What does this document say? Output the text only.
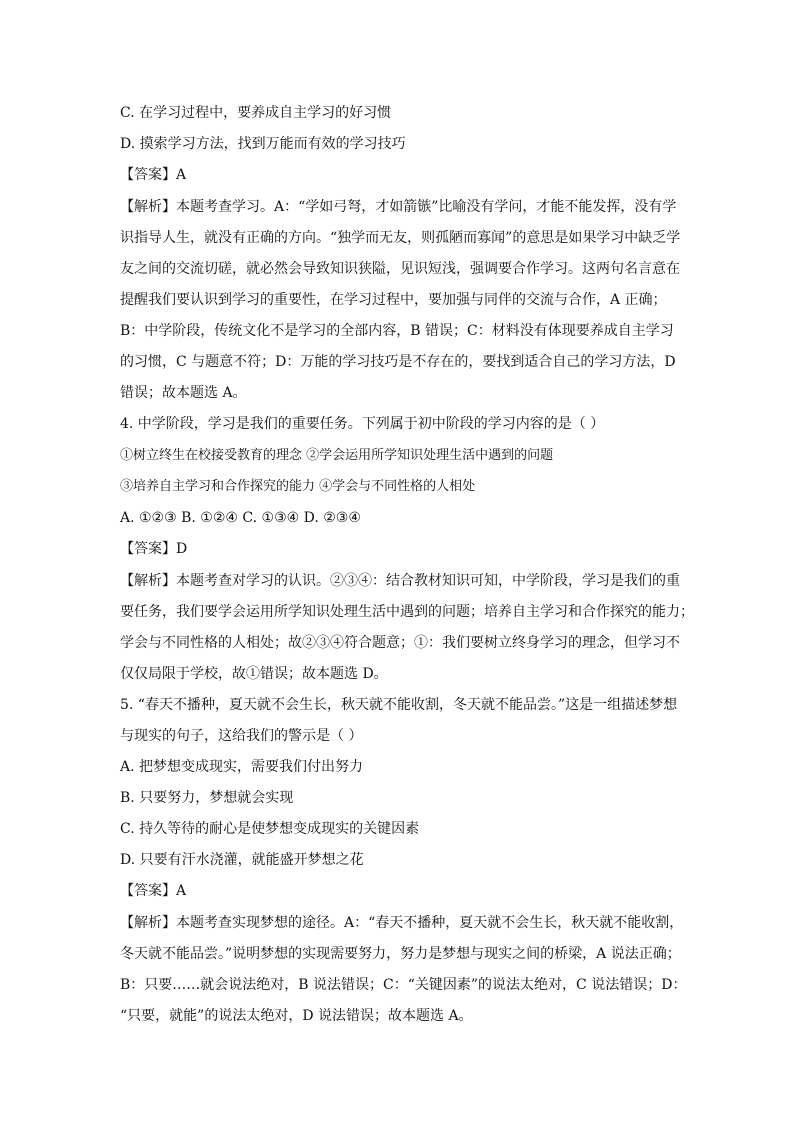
C. 在学习过程中，要养成自主学习的好习惯
D. 摸索学习方法，找到万能而有效的学习技巧
【答案】A
【解析】本题考查学习。A：“学如弓弩，才如箭镞”比喻没有学问，才能不能发挥，没有学
识指导人生，就没有正确的方向。“独学而无友，则孤陋而寡闻”的意思是如果学习中缺乏学
友之间的交流切磋，就必然会导致知识狭隘，见识短浅，强调要合作学习。这两句名言意在
提醒我们要认识到学习的重要性，在学习过程中，要加强与同伴的交流与合作，A 正确；
B：中学阶段，传统文化不是学习的全部内容，B 错误；C：材料没有体现要养成自主学习
的习惯，C 与题意不符；D：万能的学习技巧是不存在的，要找到适合自己的学习方法，D
错误；故本题选 A。
4. 中学阶段，学习是我们的重要任务。下列属于初中阶段的学习内容的是（ ）
①树立终生在校接受教育的理念 ②学会运用所学知识处理生活中遇到的问题
③培养自主学习和合作探究的能力 ④学会与不同性格的人相处
A. ①②③ B. ①②④ C. ①③④ D. ②③④
【答案】D
【解析】本题考查对学习的认识。②③④：结合教材知识可知，中学阶段，学习是我们的重
要任务，我们要学会运用所学知识处理生活中遇到的问题；培养自主学习和合作探究的能力；
学会与不同性格的人相处；故②③④符合题意；①：我们要树立终身学习的理念，但学习不
仅仅局限于学校，故①错误；故本题选 D。
5. “春天不播种，夏天就不会生长，秋天就不能收割，冬天就不能品尝。”这是一组描述梦想
与现实的句子，这给我们的警示是（ ）
A. 把梦想变成现实，需要我们付出努力
B. 只要努力，梦想就会实现
C. 持久等待的耐心是使梦想变成现实的关键因素
D. 只要有汗水浇灌，就能盛开梦想之花
【答案】A
【解析】本题考查实现梦想的途径。A：“春天不播种，夏天就不会生长，秋天就不能收割，
冬天就不能品尝。”说明梦想的实现需要努力，努力是梦想与现实之间的桥梁，A 说法正确；
B：只要……就会说法绝对，B 说法错误；C：“关键因素”的说法太绝对，C 说法错误；D：
“只要，就能”的说法太绝对，D 说法错误；故本题选 A。
